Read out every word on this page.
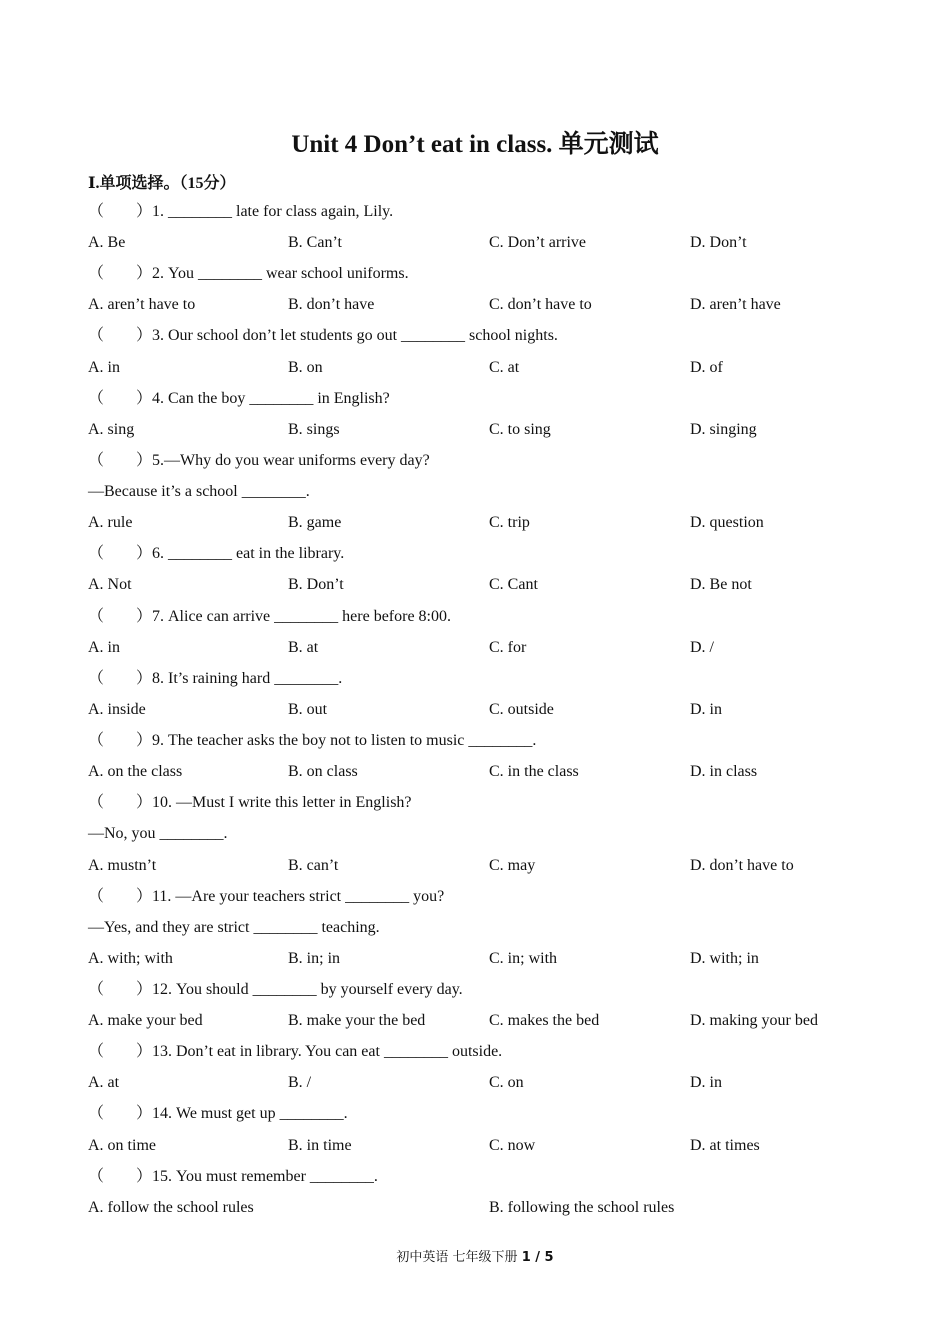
Unit 4 Don’t eat in class. 单元测试
Ⅰ.单项选择。（15分）
（　　）1. ________ late for class again, Lily.
A. Be	B. Can’t	C. Don’t arrive	D. Don’t
（　　）2. You ________ wear school uniforms.
A. aren’t have to	B. don’t have	C. don’t have to	D. aren’t have
（　　）3. Our school don’t let students go out ________ school nights.
A. in	B. on	C. at	D. of
（　　）4. Can the boy ________ in English?
A. sing	B. sings	C. to sing	D. singing
（　　）5.—Why do you wear uniforms every day?
—Because it’s a school ________.
A. rule	B. game	C. trip	D. question
（　　）6. ________ eat in the library.
A. Not	B. Don’t	C. Cant	D. Be not
（　　）7. Alice can arrive ________ here before 8:00.
A. in	B. at	C. for	D. /
（　　）8. It’s raining hard ________.
A. inside	B. out	C. outside	D. in
（　　）9. The teacher asks the boy not to listen to music ________.
A. on the class	B. on class	C. in the class	D. in class
（　　）10. —Must I write this letter in English?
—No, you ________.
A. mustn’t	B. can’t	C. may	D. don’t have to
（　　）11. —Are your teachers strict ________ you?
—Yes, and they are strict ________ teaching.
A. with; with	B. in; in	C. in; with	D. with; in
（　　）12. You should ________ by yourself every day.
A. make your bed	B. make your the bed	C. makes the bed	D. making your bed
（　　）13. Don’t eat in library. You can eat ________ outside.
A. at	B. /	C. on	D. in
（　　）14. We must get up ________.
A. on time	B. in time	C. now	D. at times
（　　）15. You must remember ________.
A. follow the school rules	B. following the school rules
初中英语 七年级下册 1 / 5
